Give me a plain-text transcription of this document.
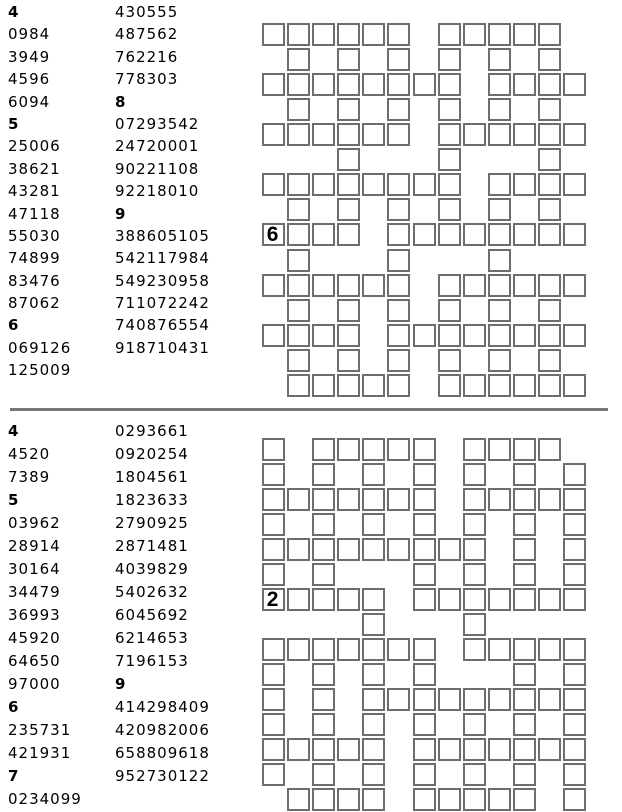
4
0984
3949
4596
6094
5
25006
38621
43281
47118
55030
74899
83476
87062
6
069126
125009
430555
487562
762216
778303
8
07293542
24720001
90221108
92218010
9
388605105
542117984
549230958
711072242
740876554
918710431
6
4
4520
7389
5
03962
28914
30164
34479
36993
45920
64650
97000
6
235731
421931
7
0234099
0293661
0920254
1804561
1823633
2790925
2871481
4039829
5402632
6045692
6214653
7196153
9
414298409
420982006
658809618
952730122
2
